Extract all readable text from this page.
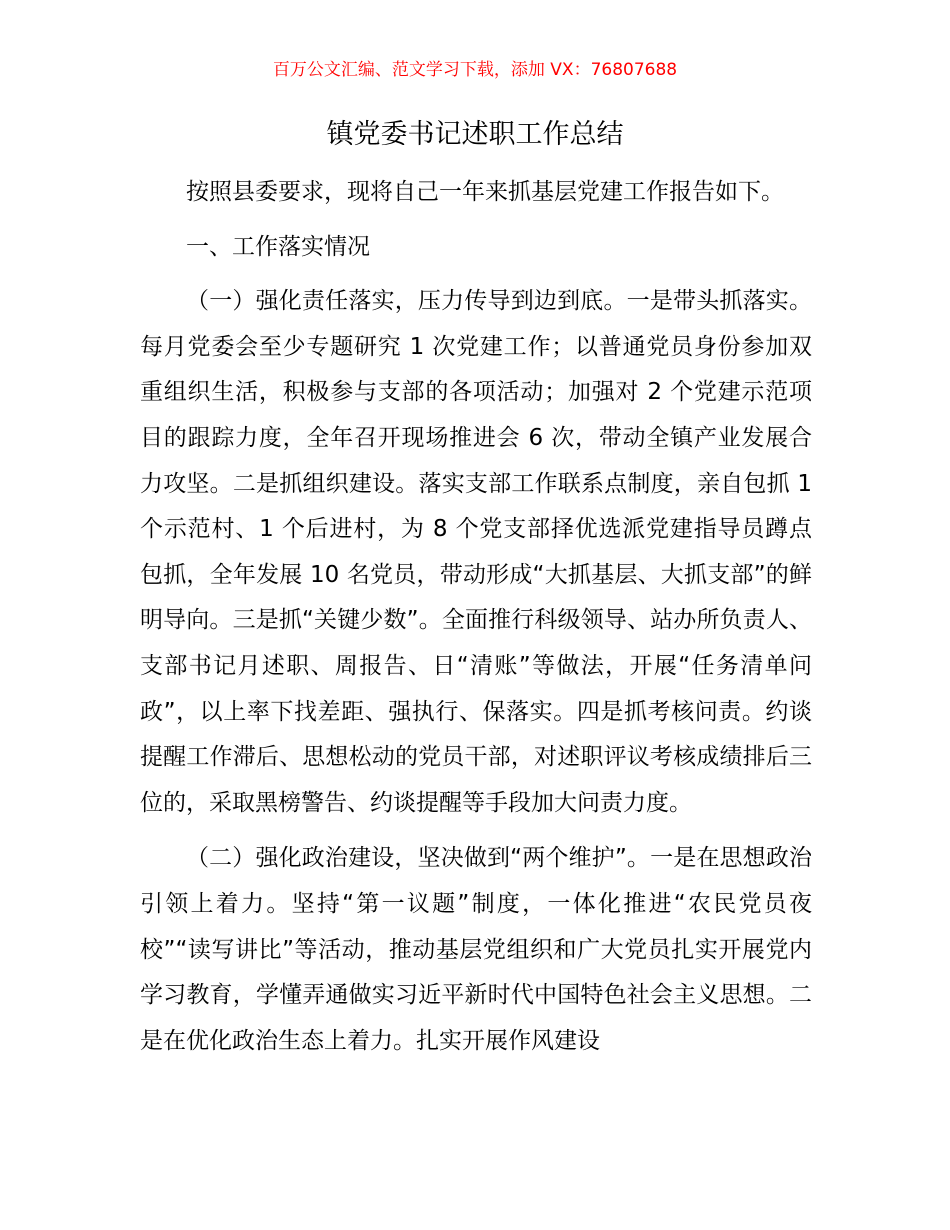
百万公文汇编、范文学习下载，添加 VX：76807688
镇党委书记述职工作总结

按照县委要求，现将自己一年来抓基层党建工作报告如下。

一、工作落实情况

（一）强化责任落实，压力传导到边到底。一是带头抓落实。每月党委会至少专题研究 1 次党建工作；以普通党员身份参加双重组织生活，积极参与支部的各项活动；加强对 2 个党建示范项目的跟踪力度，全年召开现场推进会 6 次，带动全镇产业发展合力攻坚。二是抓组织建设。落实支部工作联系点制度，亲自包抓 1 个示范村、1 个后进村，为 8 个党支部择优选派党建指导员蹲点包抓，全年发展 10 名党员，带动形成“大抓基层、大抓支部”的鲜明导向。三是抓“关键少数”。全面推行科级领导、站办所负责人、支部书记月述职、周报告、日“清账”等做法，开展“任务清单问政”，以上率下找差距、强执行、保落实。四是抓考核问责。约谈提醒工作滞后、思想松动的党员干部，对述职评议考核成绩排后三位的，采取黑榜警告、约谈提醒等手段加大问责力度。

（二）强化政治建设，坚决做到“两个维护”。一是在思想政治引领上着力。坚持“第一议题”制度，一体化推进“农民党员夜校”“读写讲比”等活动，推动基层党组织和广大党员扎实开展党内学习教育，学懂弄通做实习近平新时代中国特色社会主义思想。二是在优化政治生态上着力。扎实开展作风建设
